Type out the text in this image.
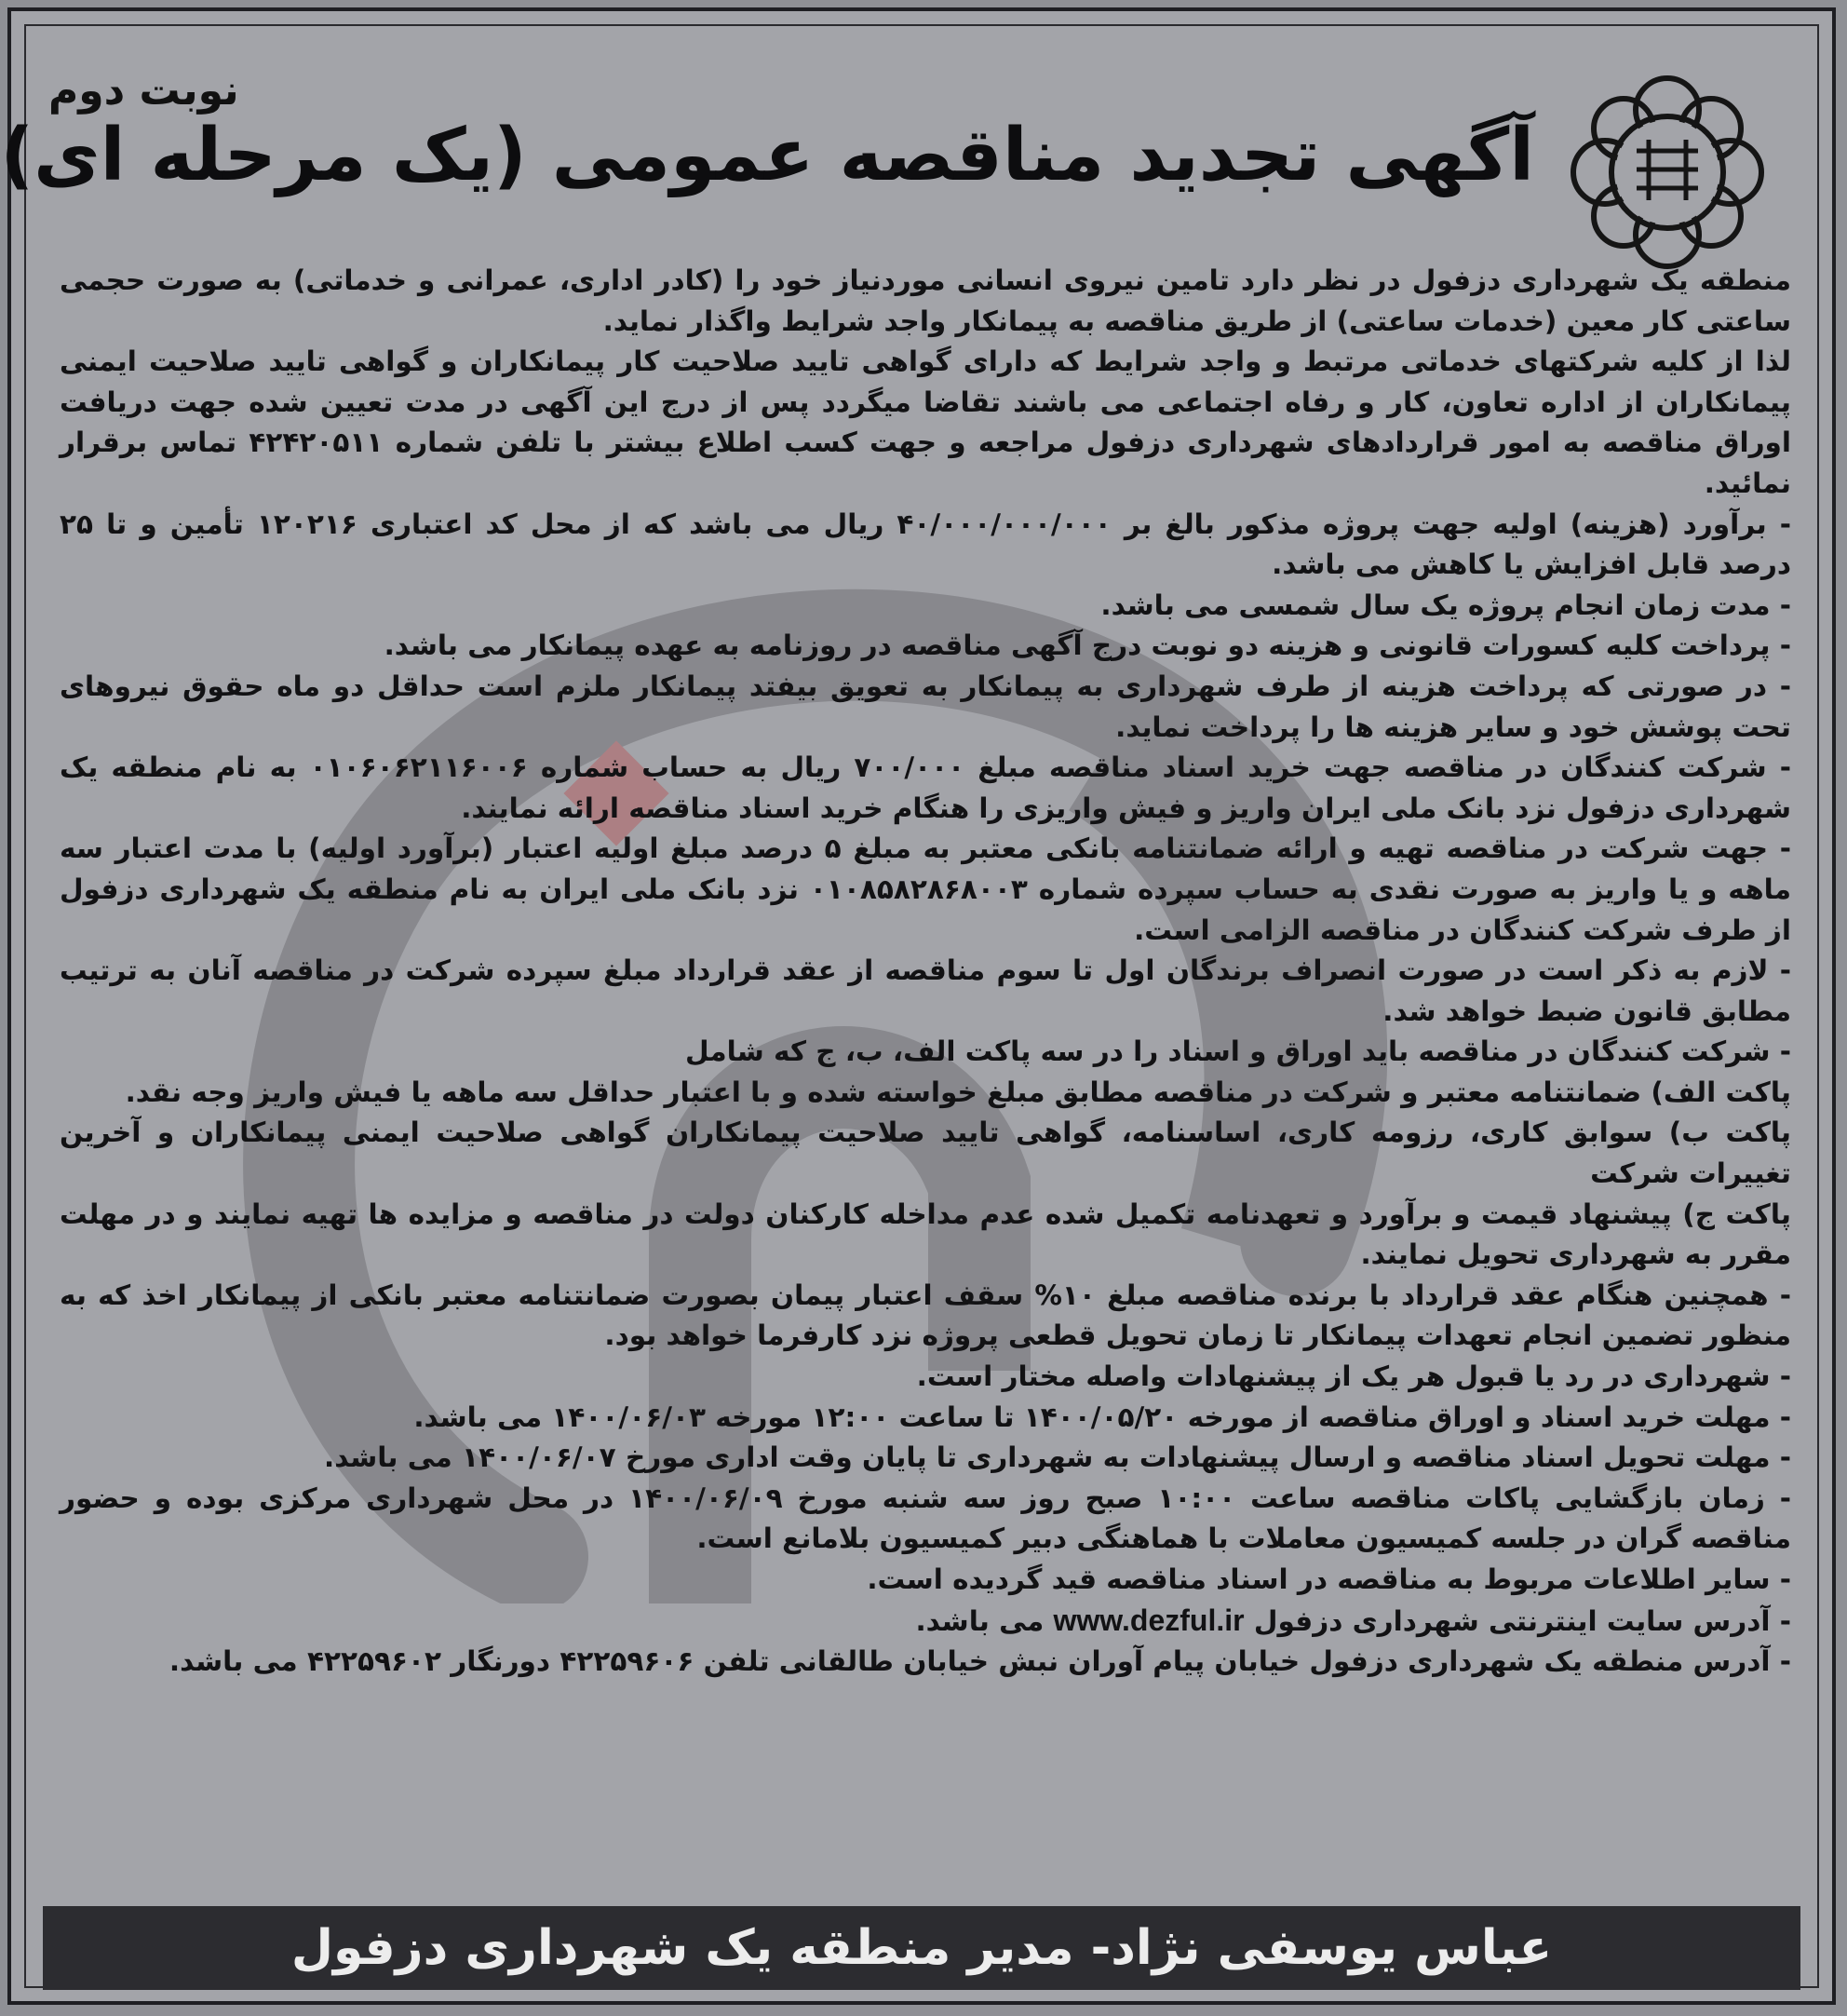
نوبت دوم
آگهی تجدید مناقصه عمومی (یک مرحله ای)

منطقه یک شهرداری دزفول در نظر دارد تامین نیروی انسانی موردنیاز خود را (کادر اداری، عمرانی و خدماتی) به صورت حجمی ساعتی کار معین (خدمات ساعتی) از طریق مناقصه به پیمانکار واجد شرایط واگذار نماید.

لذا از کلیه شرکتهای خدماتی مرتبط و واجد شرایط که دارای گواهی تایید صلاحیت کار پیمانکاران و گواهی تایید صلاحیت ایمنی پیمانکاران از اداره تعاون، کار و رفاه اجتماعی می باشند تقاضا میگردد پس از درج این آگهی در مدت تعیین شده جهت دریافت اوراق مناقصه به امور قراردادهای شهرداری دزفول مراجعه و جهت کسب اطلاع بیشتر با تلفن شماره ۴۲۴۲۰۵۱۱ تماس برقرار نمائید.

- برآورد (هزینه) اولیه جهت پروژه مذکور بالغ بر ۴۰/۰۰۰/۰۰۰/۰۰۰ ریال می باشد که از محل کد اعتباری ۱۲۰۲۱۶ تأمین و تا ۲۵ درصد قابل افزایش یا کاهش می باشد.

- مدت زمان انجام پروژه یک سال شمسی می باشد.

- پرداخت کلیه کسورات قانونی و هزینه دو نوبت درج آگهی مناقصه در روزنامه به عهده پیمانکار می باشد.

- در صورتی که پرداخت هزینه از طرف شهرداری به پیمانکار به تعویق بیفتد پیمانکار ملزم است حداقل دو ماه حقوق نیروهای تحت پوشش خود و سایر هزینه ها را پرداخت نماید.

- شرکت کنندگان در مناقصه جهت خرید اسناد مناقصه مبلغ ۷۰۰/۰۰۰ ریال به حساب شماره ۰۱۰۶۰۶۲۱۱۶۰۰۶ به نام منطقه یک شهرداری دزفول نزد بانک ملی ایران واریز و فیش واریزی را هنگام خرید اسناد مناقصه ارائه نمایند.

- جهت شرکت در مناقصه تهیه و ارائه ضمانتنامه بانکی معتبر به مبلغ ۵ درصد مبلغ اولیه اعتبار (برآورد اولیه) با مدت اعتبار سه ماهه و یا واریز به صورت نقدی به حساب سپرده شماره ۰۱۰۸۵۸۲۸۶۸۰۰۳ نزد بانک ملی ایران به نام منطقه یک شهرداری دزفول از طرف شرکت کنندگان در مناقصه الزامی است.

- لازم به ذکر است در صورت انصراف برندگان اول تا سوم مناقصه از عقد قرارداد مبلغ سپرده شرکت در مناقصه آنان به ترتیب مطابق قانون ضبط خواهد شد.

- شرکت کنندگان در مناقصه باید اوراق و اسناد را در سه پاکت الف، ب، ج که شامل

پاکت الف) ضمانتنامه معتبر و شرکت در مناقصه مطابق مبلغ خواسته شده و با اعتبار حداقل سه ماهه یا فیش واریز وجه نقد.

پاکت ب) سوابق کاری، رزومه کاری، اساسنامه، گواهی تایید صلاحیت پیمانکاران گواهی صلاحیت ایمنی پیمانکاران و آخرین تغییرات شرکت

پاکت ج) پیشنهاد قیمت و برآورد و تعهدنامه تکمیل شده عدم مداخله کارکنان دولت در مناقصه و مزایده ها تهیه نمایند و در مهلت مقرر به شهرداری تحویل نمایند.

- همچنین هنگام عقد قرارداد با برنده مناقصه مبلغ ۱۰% سقف اعتبار پیمان بصورت ضمانتنامه معتبر بانکی از پیمانکار اخذ که به منظور تضمین انجام تعهدات پیمانکار تا زمان تحویل قطعی پروژه نزد کارفرما خواهد بود.

- شهرداری در رد یا قبول هر یک از پیشنهادات واصله مختار است.

- مهلت خرید اسناد و اوراق مناقصه از مورخه ۱۴۰۰/۰۵/۲۰ تا ساعت ۱۲:۰۰ مورخه ۱۴۰۰/۰۶/۰۳ می باشد.

- مهلت تحویل اسناد مناقصه و ارسال پیشنهادات به شهرداری تا پایان وقت اداری مورخ ۱۴۰۰/۰۶/۰۷ می باشد.

- زمان بازگشایی پاکات مناقصه ساعت ۱۰:۰۰ صبح روز سه شنبه مورخ ۱۴۰۰/۰۶/۰۹ در محل شهرداری مرکزی بوده و حضور مناقصه گران در جلسه کمیسیون معاملات با هماهنگی دبیر کمیسیون بلامانع است.

- سایر اطلاعات مربوط به مناقصه در اسناد مناقصه قید گردیده است.

- آدرس سایت اینترنتی شهرداری دزفول www.dezful.ir می باشد.

- آدرس منطقه یک شهرداری دزفول خیابان پیام آوران نبش خیابان طالقانی تلفن ۴۲۲۵۹۶۰۶ دورنگار ۴۲۲۵۹۶۰۲ می باشد.

عباس یوسفی نژاد- مدیر منطقه یک شهرداری دزفول
